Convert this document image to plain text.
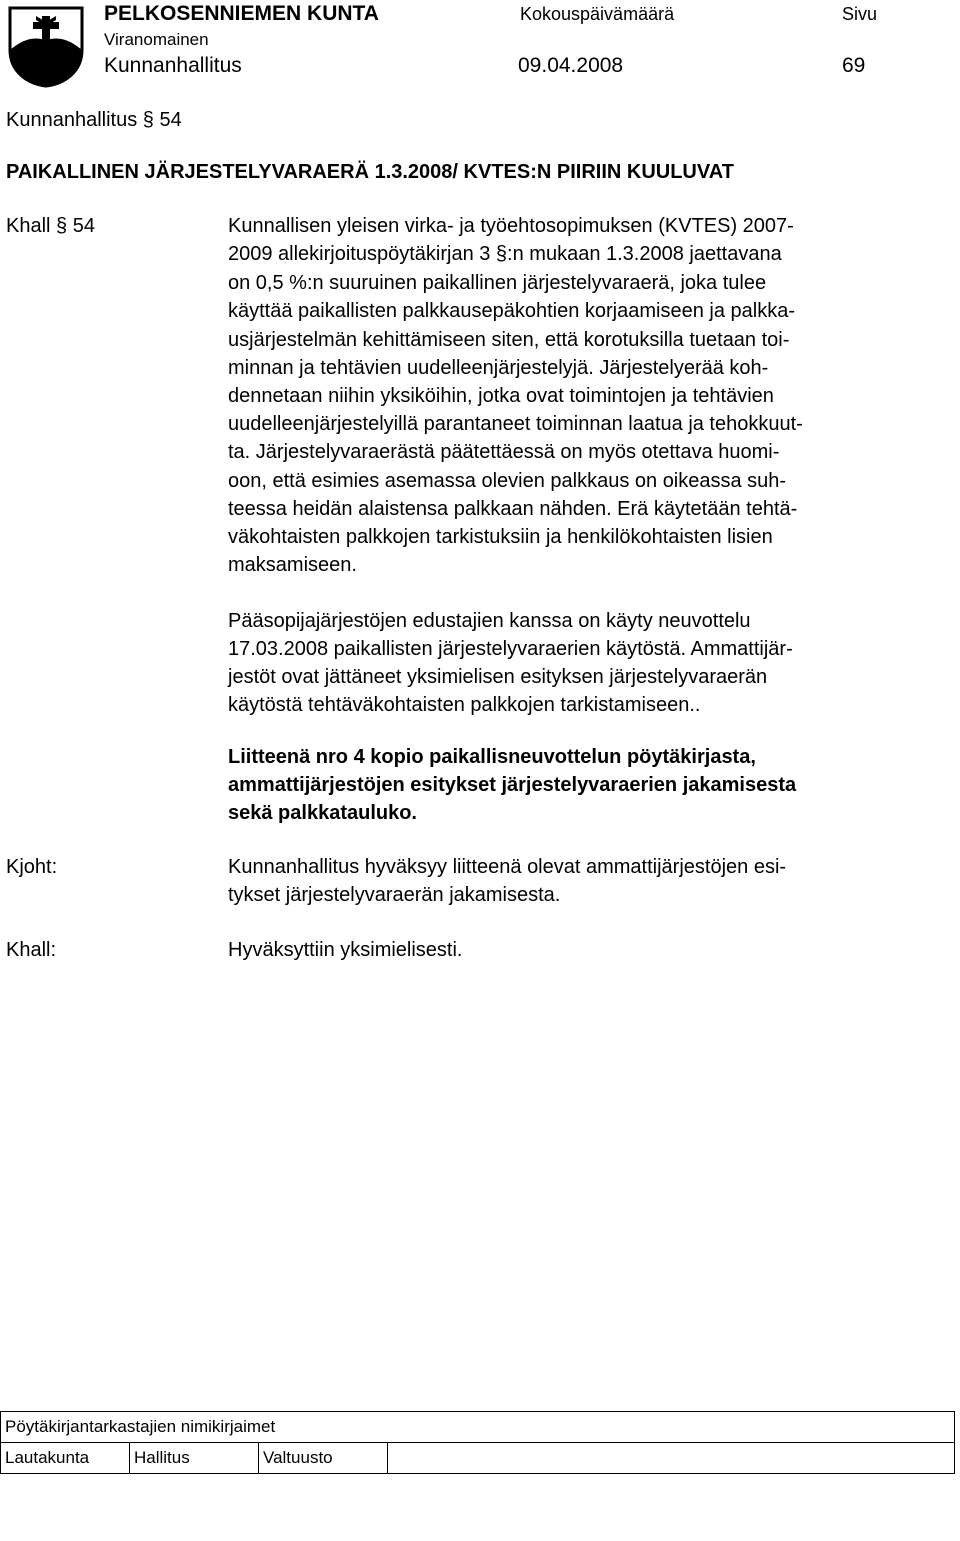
PELKOSENNIEMEN KUNTA	Kokouspäivämäärä	Sivu
Viranomainen
Kunnanhallitus	09.04.2008	69
Kunnanhallitus § 54
PAIKALLINEN JÄRJESTELYVARAERÄ 1.3.2008/ KVTES:N PIIRIIN KUULUVAT
Khall § 54	Kunnallisen yleisen virka- ja työehtosopimuksen (KVTES) 2007-
2009 allekirjoituspöytäkirjan 3 §:n mukaan 1.3.2008 jaettavana
on 0,5 %:n suuruinen paikallinen järjestelyvaraerä, joka tulee
käyttää paikallisten palkkausepäkohtien korjaamiseen ja palkka-
usjärjestelmän kehittämiseen siten, että korotuksilla tuetaan toi-
minnan ja tehtävien uudelleenjärjestelyjä. Järjestelyerää koh-
dennetaan niihin yksiköihin, jotka ovat toimintojen ja tehtävien
uudelleenjärjestelyillä parantaneet toiminnan laatua ja tehokkuut-
ta. Järjestelyvaraerästä päätettäessä on myös otettava huomi-
oon, että esimies asemassa olevien palkkaus on oikeassa suh-
teessa heidän alaistensa palkkaan nähden. Erä käytetään tehtä-
väkohtaisten palkkojen tarkistuksiin ja henkilökohtaisten lisien
maksamiseen.
Pääsopijajärjestöjen edustajien kanssa on käyty neuvottelu
17.03.2008 paikallisten järjestelyvaraerien käytöstä. Ammattijär-
jestöt ovat jättäneet yksimielisen esityksen järjestelyvaraerän
käytöstä tehtäväkohtaisten palkkojen tarkistamiseen..
Liitteenä nro 4 kopio paikallisneuvottelun pöytäkirjasta,
ammattijärjestöjen esitykset järjestelyvaraerien jakamisesta
sekä palkkatauluko.
Kjoht:	Kunnanhallitus hyväksyy liitteenä olevat ammattijärjestöjen esi-
tykset järjestelyvaraerän jakamisesta.
Khall:	Hyväksyttiin yksimielisesti.
Pöytäkirjantarkastajien nimikirjaimet
Lautakunta	Hallitus	Valtuusto	
